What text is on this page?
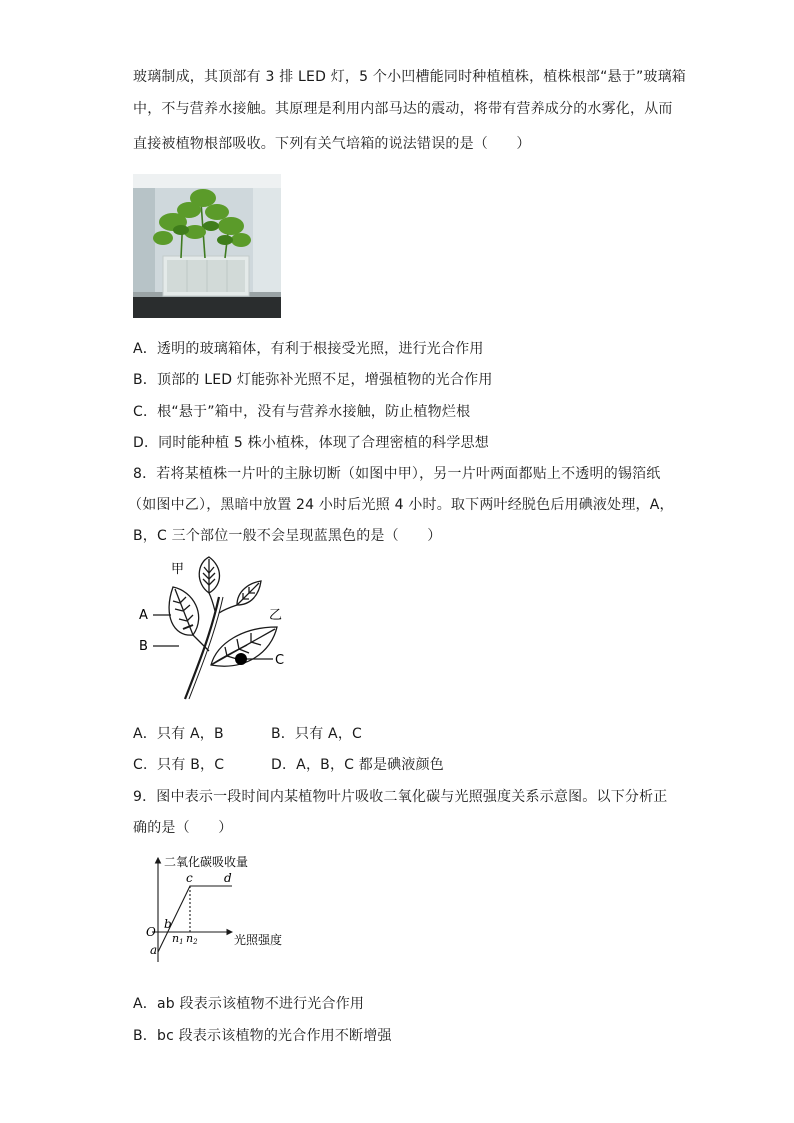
玻璃制成，其顶部有 3 排 LED 灯，5 个小凹槽能同时种植植株，植株根部“悬于”玻璃箱
中，不与营养水接触。其原理是利用内部马达的震动，将带有营养成分的水雾化，从而
直接被植物根部吸收。下列有关气培箱的说法错误的是（　　）
A．透明的玻璃箱体，有利于根接受光照，进行光合作用
B．顶部的 LED 灯能弥补光照不足，增强植物的光合作用
C．根“悬于”箱中，没有与营养水接触，防止植物烂根
D．同时能种植 5 株小植株，体现了合理密植的科学思想
8．若将某植株一片叶的主脉切断（如图中甲），另一片叶两面都贴上不透明的锡箔纸
（如图中乙），黑暗中放置 24 小时后光照 4 小时。取下两叶经脱色后用碘液处理，A，
B，C 三个部位一般不会呈现蓝黑色的是（　　）
甲
乙
A
B
C
A．只有 A，B	B．只有 A，C
C．只有 B，C	D．A，B，C 都是碘液颜色
9．图中表示一段时间内某植物叶片吸收二氧化碳与光照强度关系示意图。以下分析正
确的是（　　）
二氧化碳吸收量
光照强度
O
a
b
c	d
n1 n2
A．ab 段表示该植物不进行光合作用
B．bc 段表示该植物的光合作用不断增强
